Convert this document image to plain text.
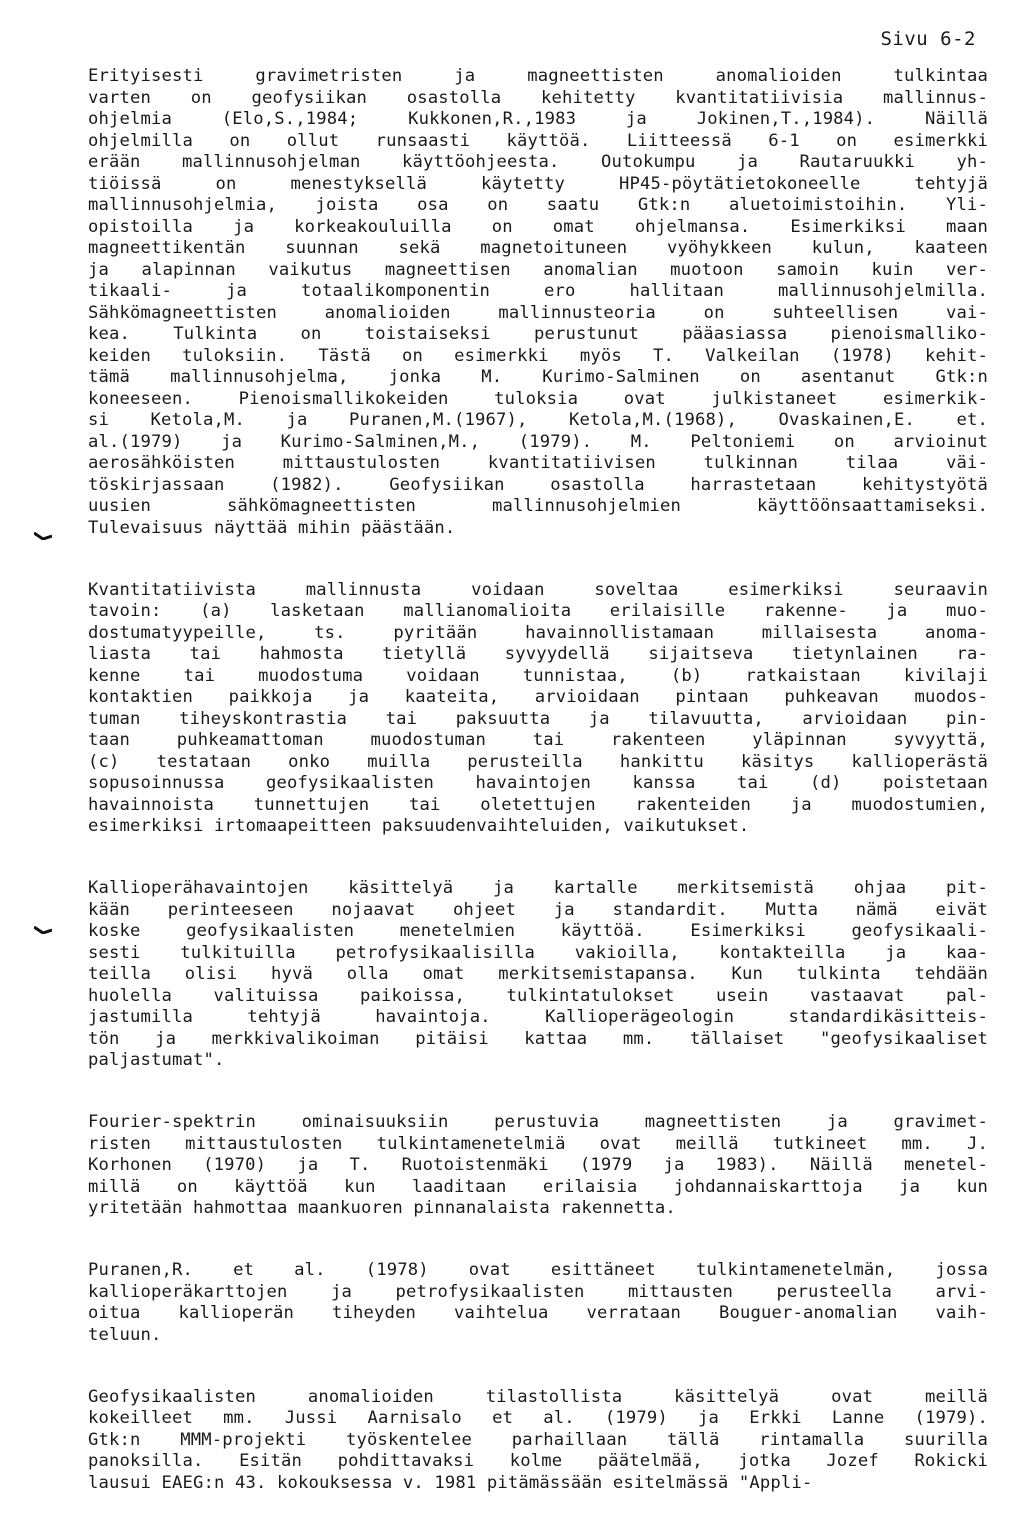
Sivu 6-2
Erityisesti gravimetristen ja magneettisten anomalioiden tulkintaa
varten on geofysiikan osastolla kehitetty kvantitatiivisia mallinnus-
ohjelmia (Elo,S.,1984; Kukkonen,R.,1983 ja Jokinen,T.,1984). Näillä
ohjelmilla on ollut runsaasti käyttöä. Liitteessä 6-1 on esimerkki
erään mallinnusohjelman käyttöohjeesta. Outokumpu ja Rautaruukki yh-
tiöissä on menestyksellä käytetty HP45-pöytätietokoneelle tehtyjä
mallinnusohjelmia, joista osa on saatu Gtk:n aluetoimistoihin. Yli-
opistoilla ja korkeakouluilla on omat ohjelmansa. Esimerkiksi maan
magneettikentän suunnan sekä magnetoituneen vyöhykkeen kulun, kaateen
ja alapinnan vaikutus magneettisen anomalian muotoon samoin kuin ver-
tikaali- ja totaalikomponentin ero hallitaan mallinnusohjelmilla.
Sähkömagneettisten anomalioiden mallinnusteoria on suhteellisen vai-
kea. Tulkinta on toistaiseksi perustunut pääasiassa pienoismalliko-
keiden tuloksiin. Tästä on esimerkki myös T. Valkeilan (1978) kehit-
tämä mallinnusohjelma, jonka M. Kurimo-Salminen on asentanut Gtk:n
koneeseen. Pienoismallikokeiden tuloksia ovat julkistaneet esimerkik-
si Ketola,M. ja Puranen,M.(1967), Ketola,M.(1968), Ovaskainen,E. et.
al.(1979) ja Kurimo-Salminen,M., (1979). M. Peltoniemi on arvioinut
aerosähköisten mittaustulosten kvantitatiivisen tulkinnan tilaa väi-
töskirjassaan (1982). Geofysiikan osastolla harrastetaan kehitystyötä
uusien sähkömagneettisten mallinnusohjelmien käyttöönsaattamiseksi.
Tulevaisuus näyttää mihin päästään.
Kvantitatiivista mallinnusta voidaan soveltaa esimerkiksi seuraavin
tavoin: (a) lasketaan mallianomalioita erilaisille rakenne- ja muo-
dostumatyypeille, ts. pyritään havainnollistamaan millaisesta anoma-
liasta tai hahmosta tietyllä syvyydellä sijaitseva tietynlainen ra-
kenne tai muodostuma voidaan tunnistaa, (b) ratkaistaan kivilaji
kontaktien paikkoja ja kaateita, arvioidaan pintaan puhkeavan muodos-
tuman tiheyskontrastia tai paksuutta ja tilavuutta, arvioidaan pin-
taan puhkeamattoman muodostuman tai rakenteen yläpinnan syvyyttä,
(c) testataan onko muilla perusteilla hankittu käsitys kallioperästä
sopusoinnussa geofysikaalisten havaintojen kanssa tai (d) poistetaan
havainnoista tunnettujen tai oletettujen rakenteiden ja muodostumien,
esimerkiksi irtomaapeitteen paksuudenvaihteluiden, vaikutukset.
Kallioperähavaintojen käsittelyä ja kartalle merkitsemistä ohjaa pit-
kään perinteeseen nojaavat ohjeet ja standardit. Mutta nämä eivät
koske geofysikaalisten menetelmien käyttöä. Esimerkiksi geofysikaali-
sesti tulkituilla petrofysikaalisilla vakioilla, kontakteilla ja kaa-
teilla olisi hyvä olla omat merkitsemistapansa. Kun tulkinta tehdään
huolella valituissa paikoissa, tulkintatulokset usein vastaavat pal-
jastumilla tehtyjä havaintoja. Kallioperägeologin standardikäsitteis-
tön ja merkkivalikoiman pitäisi kattaa mm. tällaiset "geofysikaaliset
paljastumat".
Fourier-spektrin ominaisuuksiin perustuvia magneettisten ja gravimet-
risten mittaustulosten tulkintamenetelmiä ovat meillä tutkineet mm. J.
Korhonen (1970) ja T. Ruotoistenmäki (1979 ja 1983). Näillä menetel-
millä on käyttöä kun laaditaan erilaisia johdannaiskarttoja ja kun
yritetään hahmottaa maankuoren pinnanalaista rakennetta.
Puranen,R. et al. (1978) ovat esittäneet tulkintamenetelmän, jossa
kallioperäkarttojen ja petrofysikaalisten mittausten perusteella arvi-
oitua kallioperän tiheyden vaihtelua verrataan Bouguer-anomalian vaih-
teluun.
Geofysikaalisten anomalioiden tilastollista käsittelyä ovat meillä
kokeilleet mm. Jussi Aarnisalo et al. (1979) ja Erkki Lanne (1979).
Gtk:n MMM-projekti työskentelee parhaillaan tällä rintamalla suurilla
panoksilla. Esitän pohdittavaksi kolme päätelmää, jotka Jozef Rokicki
lausui EAEG:n 43. kokouksessa v. 1981 pitämässään esitelmässä "Appli-
